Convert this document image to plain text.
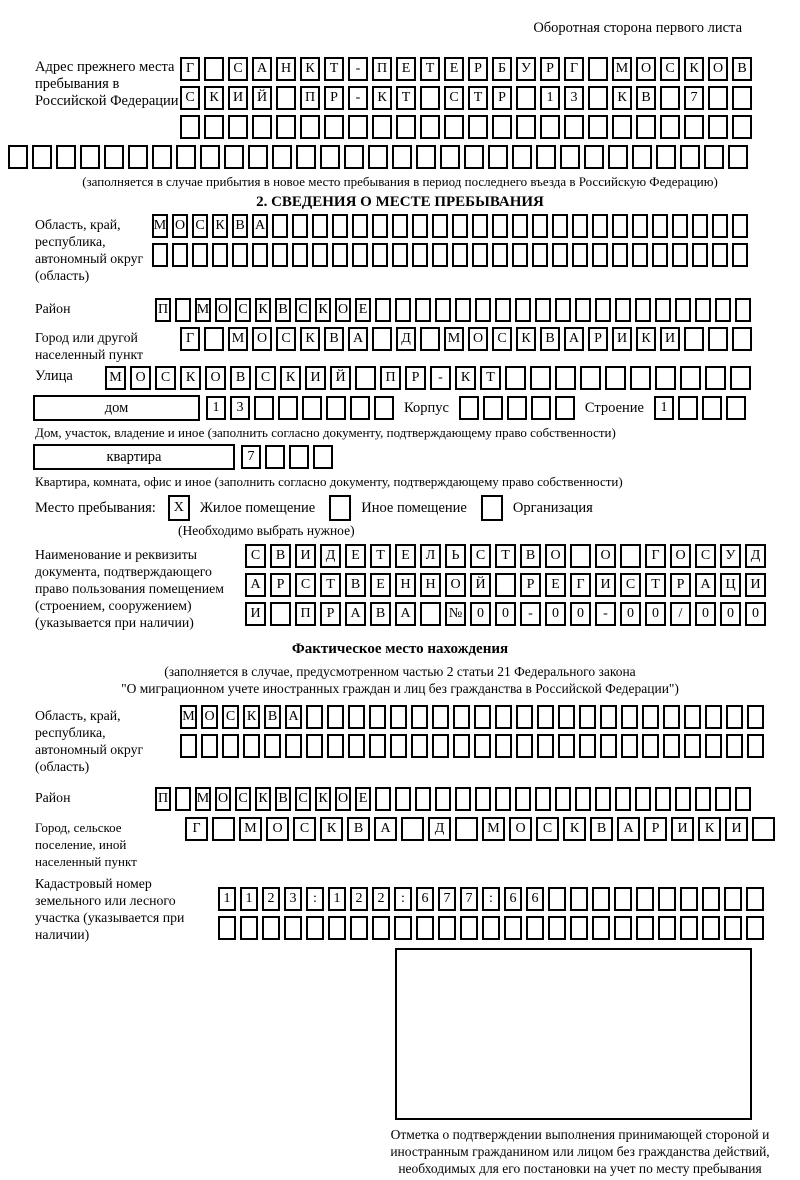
Оборотная сторона первого листа
Адрес прежнего места пребывания в Российской Федерации
Г	С	А Н	К	Т	-	П	Е	Т	Е	Р	Б	У	Р	Г	М О	С	К	О	В
С	К	И Й	П	Р	-	К	Т	С	Т	Р	1	3	К	В	7
(заполняется в случае прибытия в новое место пребывания в период последнего въезда в Российскую Федерацию)
2. СВЕДЕНИЯ О МЕСТЕ ПРЕБЫВАНИЯ
Область, край, республика, автономный округ (область)
М О С К В А
Район	П М О С К В С К О Е
Город или другой населенный пункт
Г	М О	С	К	В	А	Д	М О	С	К	В	А	Р	И	К	И
Улица	М О	С	К	О	В	С	К	И	Й	П	Р	-	К	Т
дом	1	3	Корпус	Строение	1
Дом, участок, владение и иное (заполнить согласно документу, подтверждающему право собственности)
квартира	7
Квартира, комната, офис и иное (заполнить согласно документу, подтверждающему право собственности)
Место пребывания:	X	Жилое помещение	Иное помещение	Организация
(Необходимо выбрать нужное)
Наименование и реквизиты документа, подтверждающего право пользования помещением (строением, сооружением) (указывается при наличии)
С	В	И	Д	Е	Т	Е	Л	Ь	С	Т	В	О	О	Г	О	С	У	Д
А	Р	С	Т	В	Е	Н	Н	О	Й	Р	Е	Г	И	С	Т	Р	А	Ц	И
И	П	Р	А	В	А	№	0	0	-	0	0	-	0	0	/	0	0	0
Фактическое место нахождения
(заполняется в случае, предусмотренном частью 2 статьи 21 Федерального закона
"О миграционном учете иностранных граждан и лиц без гражданства в Российской Федерации")
Область, край, республика, автономный округ (область)
М О С К В А
Район	П М О С К В С К О Е
Город, сельское поселение, иной населенный пункт
Г	М	О	С	К	В	А	Д	М	О	С	К	В	А	Р	И	К	И
Кадастровый номер земельного или лесного участка (указывается при наличии)
1	1	2	3	:	1	2	2	:	6	7	7	:	6	6
Отметка о подтверждении выполнения принимающей стороной и иностранным гражданином или лицом без гражданства действий, необходимых для его постановки на учет по месту пребывания
